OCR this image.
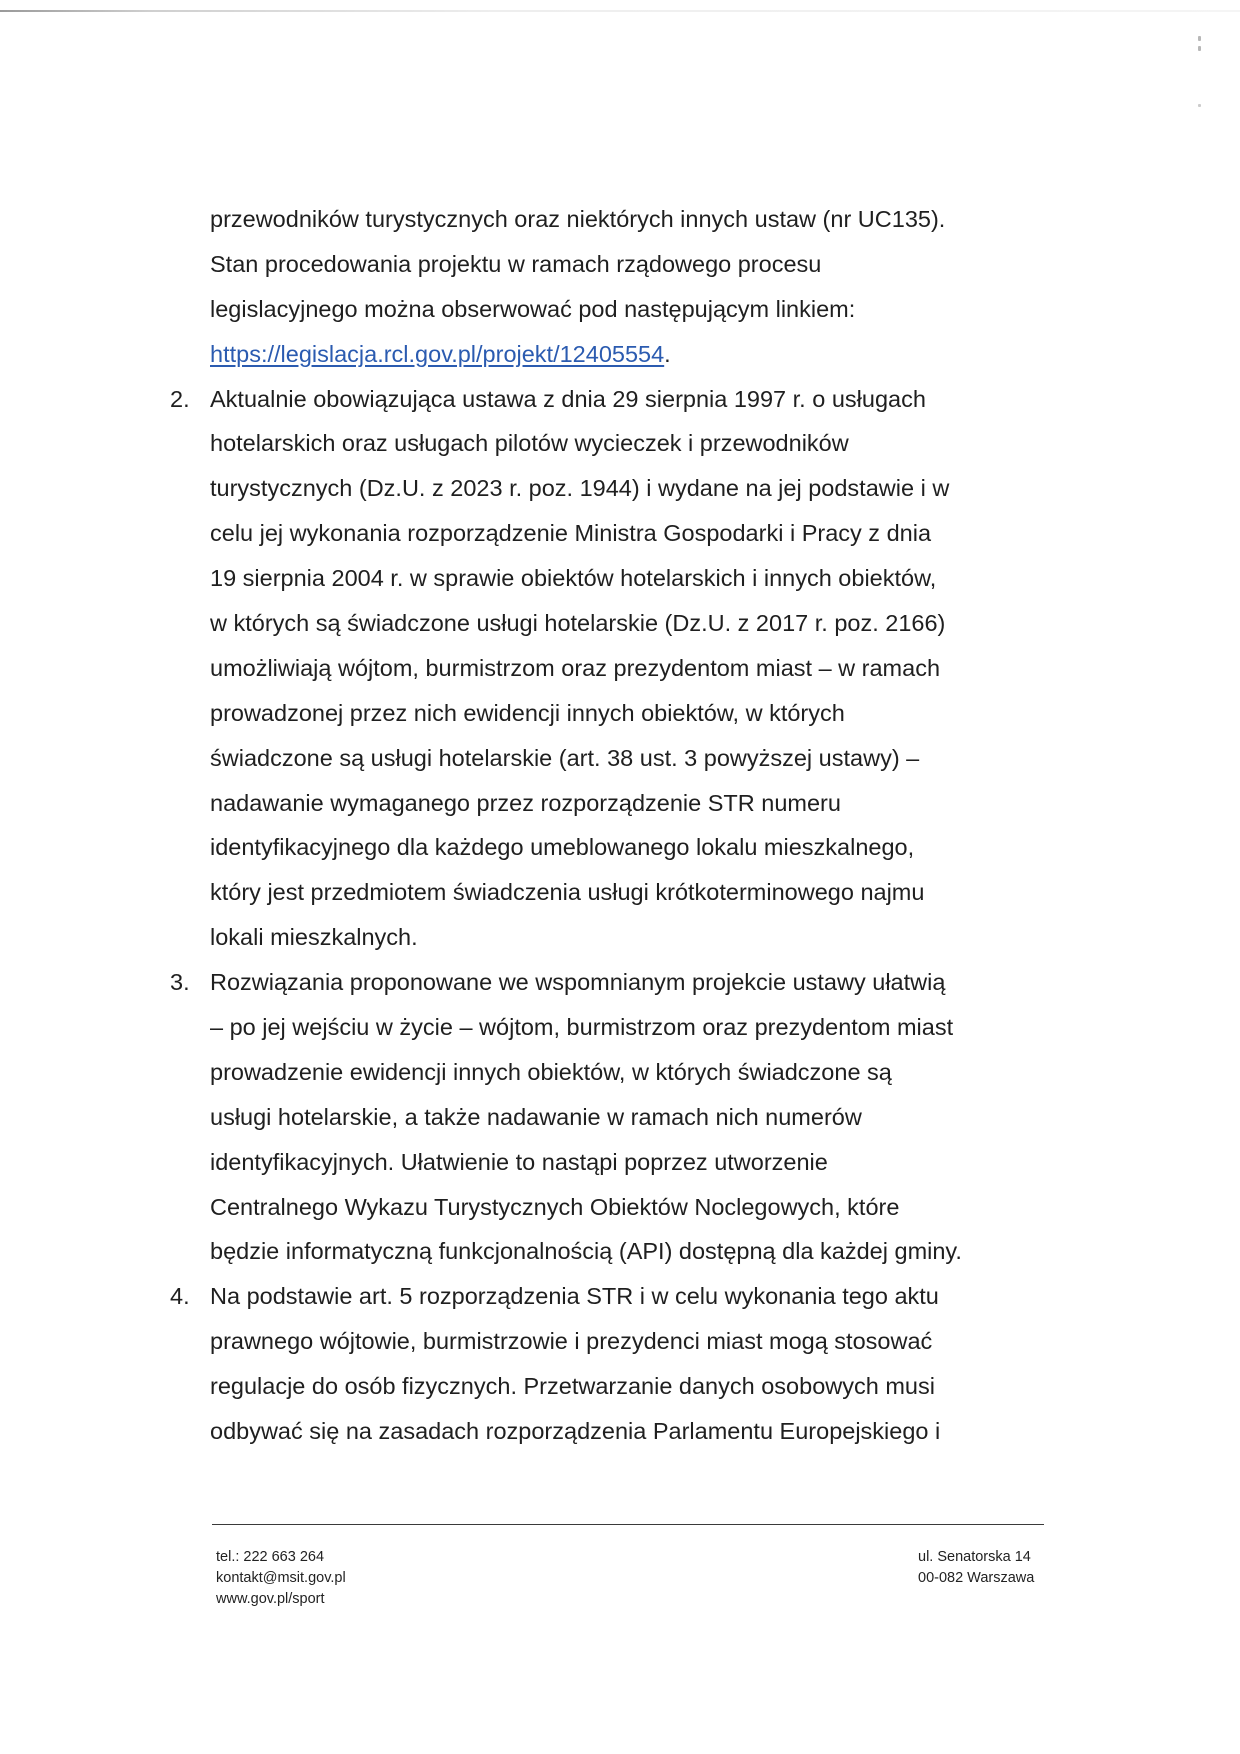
przewodników turystycznych oraz niektórych innych ustaw (nr UC135).
Stan procedowania projektu w ramach rządowego procesu
legislacyjnego można obserwować pod następującym linkiem:
https://legislacja.rcl.gov.pl/projekt/12405554.
2. Aktualnie obowiązująca ustawa z dnia 29 sierpnia 1997 r. o usługach
hotelarskich oraz usługach pilotów wycieczek i przewodników
turystycznych (Dz.U. z 2023 r. poz. 1944) i wydane na jej podstawie i w
celu jej wykonania rozporządzenie Ministra Gospodarki i Pracy z dnia
19 sierpnia 2004 r. w sprawie obiektów hotelarskich i innych obiektów,
w których są świadczone usługi hotelarskie (Dz.U. z 2017 r. poz. 2166)
umożliwiają wójtom, burmistrzom oraz prezydentom miast – w ramach
prowadzonej przez nich ewidencji innych obiektów, w których
świadczone są usługi hotelarskie (art. 38 ust. 3 powyższej ustawy) –
nadawanie wymaganego przez rozporządzenie STR numeru
identyfikacyjnego dla każdego umeblowanego lokalu mieszkalnego,
który jest przedmiotem świadczenia usługi krótkoterminowego najmu
lokali mieszkalnych.
3. Rozwiązania proponowane we wspomnianym projekcie ustawy ułatwią
– po jej wejściu w życie – wójtom, burmistrzom oraz prezydentom miast
prowadzenie ewidencji innych obiektów, w których świadczone są
usługi hotelarskie, a także nadawanie w ramach nich numerów
identyfikacyjnych. Ułatwienie to nastąpi poprzez utworzenie
Centralnego Wykazu Turystycznych Obiektów Noclegowych, które
będzie informatyczną funkcjonalnością (API) dostępną dla każdej gminy.
4. Na podstawie art. 5 rozporządzenia STR i w celu wykonania tego aktu
prawnego wójtowie, burmistrzowie i prezydenci miast mogą stosować
regulacje do osób fizycznych. Przetwarzanie danych osobowych musi
odbywać się na zasadach rozporządzenia Parlamentu Europejskiego i
tel.: 222 663 264
kontakt@msit.gov.pl
www.gov.pl/sport
ul. Senatorska 14
00-082 Warszawa
